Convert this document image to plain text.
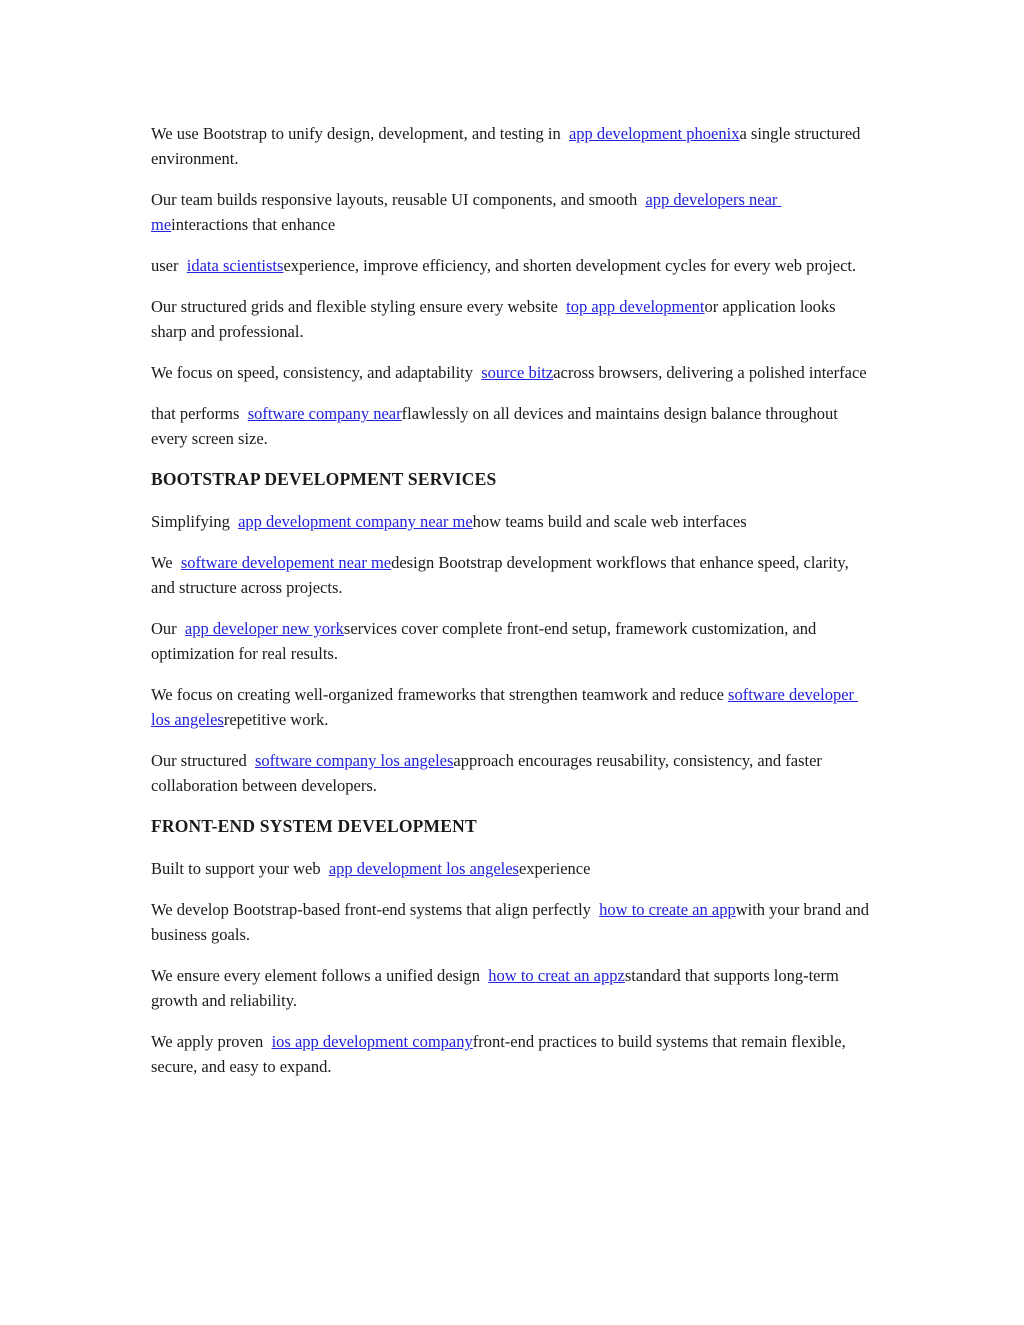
We use Bootstrap to unify design, development, and testing in  app development phoenixa single structured environment.

Our team builds responsive layouts, reusable UI components, and smooth  app developers near meinteractions that enhance

user  idata scientistsexperience, improve efficiency, and shorten development cycles for every web project.

Our structured grids and flexible styling ensure every website  top app developmentor application looks sharp and professional.

We focus on speed, consistency, and adaptability  source bitzacross browsers, delivering a polished interface

that performs  software company nearflawlessly on all devices and maintains design balance throughout every screen size.

BOOTSTRAP DEVELOPMENT SERVICES

Simplifying  app development company near mehow teams build and scale web interfaces

We  software developement near medesign Bootstrap development workflows that enhance speed, clarity, and structure across projects.

Our  app developer new yorkservices cover complete front-end setup, framework customization, and optimization for real results.

We focus on creating well-organized frameworks that strengthen teamwork and reduce software developer los angelesrepetitive work.

Our structured  software company los angelesapproach encourages reusability, consistency, and faster collaboration between developers.

FRONT-END SYSTEM DEVELOPMENT

Built to support your web  app development los angelesexperience

We develop Bootstrap-based front-end systems that align perfectly  how to create an appwith your brand and business goals.

We ensure every element follows a unified design  how to creat an appzstandard that supports long-term growth and reliability.

We apply proven  ios app development companyfront-end practices to build systems that remain flexible, secure, and easy to expand.
